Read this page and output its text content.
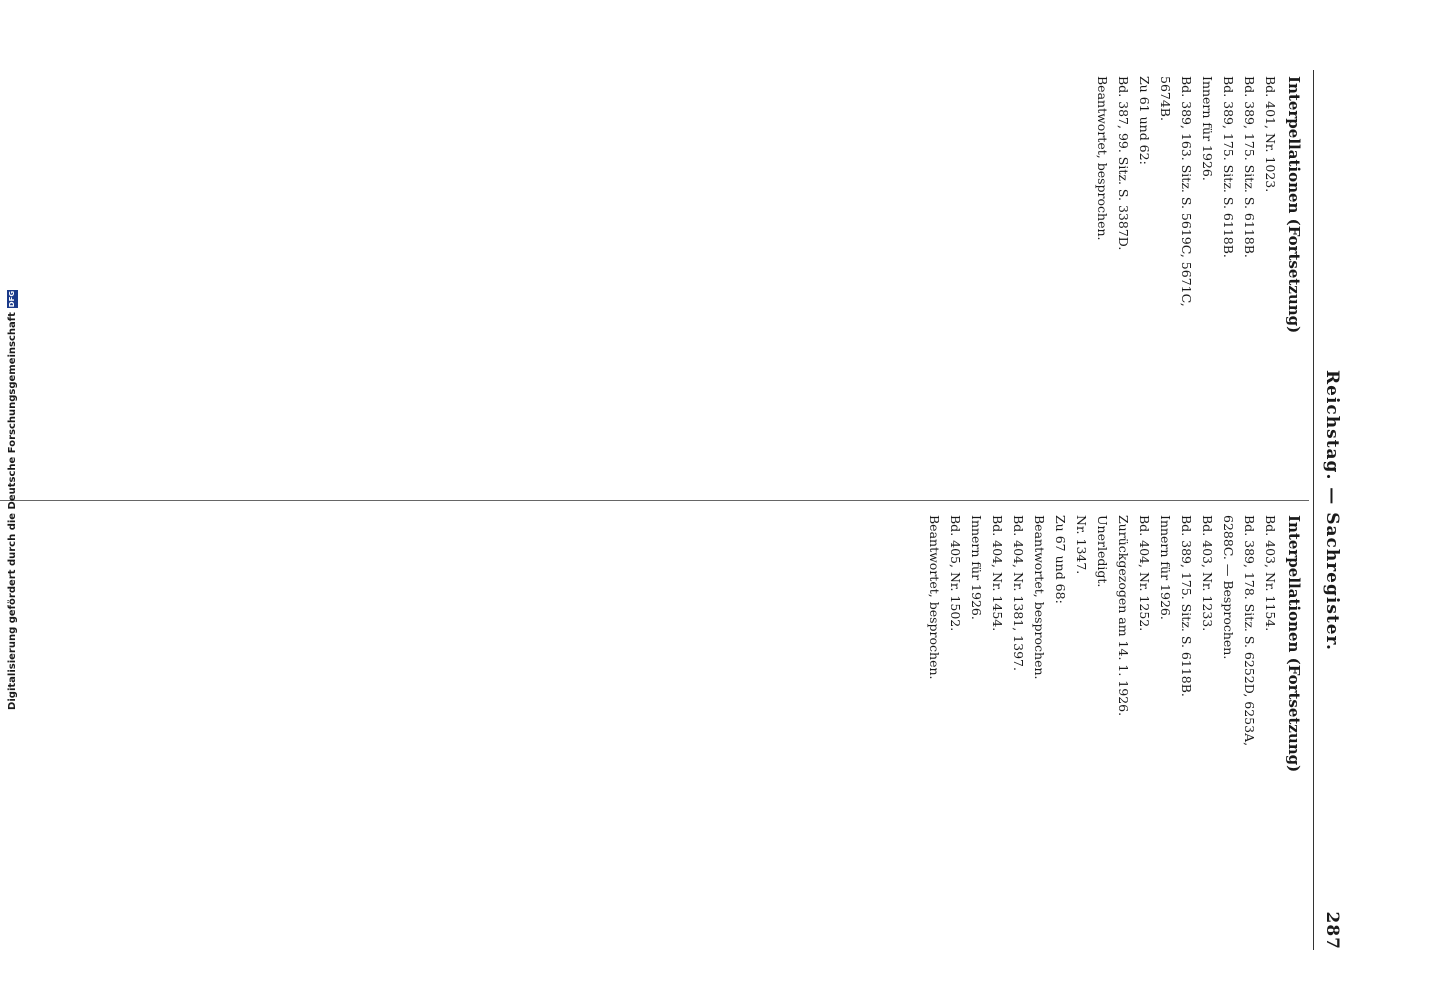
Reichstag. — Sachregister.
287
Interpellationen (Fortsetzung)

Bd. 401, Nr. 1023.

Bd. 389, 175. Sitz. S. 6118B.

Bd. 389, 175. Sitz. S. 6118B.

Innern für 1926.

Bd. 389, 163. Sitz. S. 5619C, 5671C,

5674B.

Zu 61 und 62:

Bd. 387, 99. Sitz. S. 3387D.

Beantwortet, besprochen.

Interpellationen (Fortsetzung)

Bd. 403, Nr. 1154.

Bd. 389, 178. Sitz. S. 6252D, 6253A,

6288C. — Besprochen.

Bd. 403, Nr. 1233.

Bd. 389, 175. Sitz. S. 6118B.

Innern für 1926.

Bd. 404, Nr. 1252.

Zurückgezogen am 14. 1. 1926.

Unerledigt.

Nr. 1347.

Zu 67 und 68:

Beantwortet, besprochen.

Bd. 404, Nr. 1381, 1397.

Bd. 404, Nr. 1454.

Innern für 1926.

Bd. 405, Nr. 1502.

Beantwortet, besprochen.

Digitalisierung gefördert durch die Deutsche Forschungsgemeinschaft
DFG
